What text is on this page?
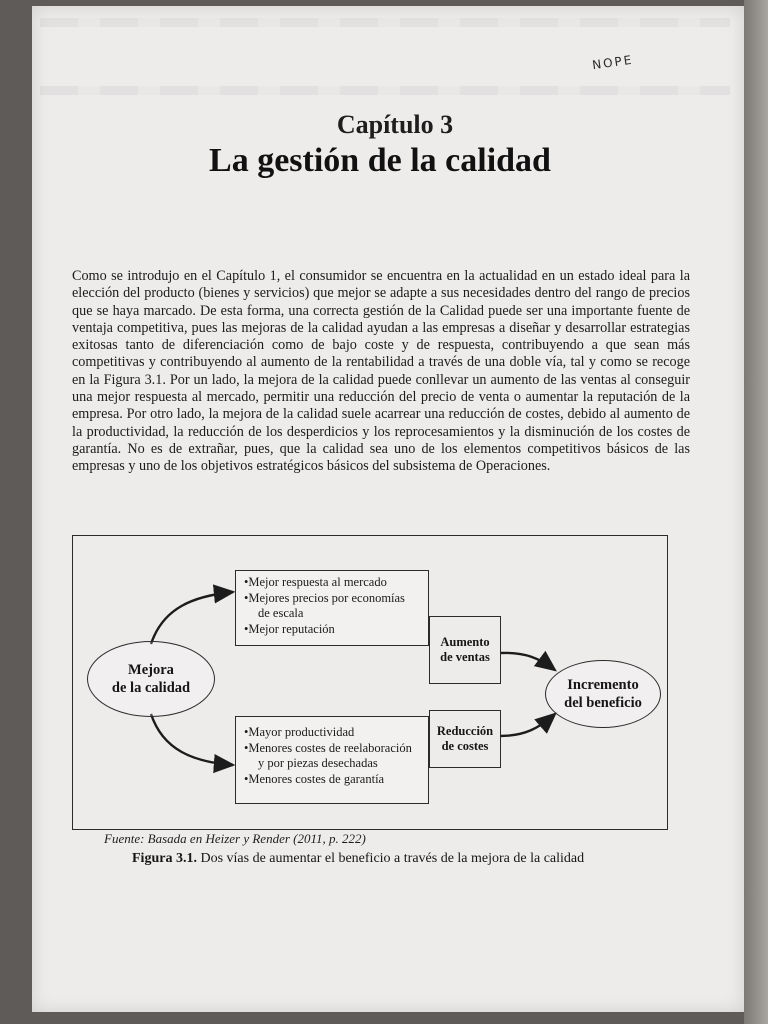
NOPE
Capítulo 3
La gestión de la calidad
Como se introdujo en el Capítulo 1, el consumidor se encuentra en la actualidad en un estado ideal para la elección del producto (bienes y servicios) que mejor se adapte a sus necesidades dentro del rango de precios que se haya marcado. De esta forma, una correcta gestión de la Calidad puede ser una importante fuente de ventaja competitiva, pues las mejoras de la calidad ayudan a las empresas a diseñar y desarrollar estrategias exitosas tanto de diferenciación como de bajo coste y de respuesta, contribuyendo a que sean más competitivas y contribuyendo al aumento de la rentabilidad a través de una doble vía, tal y como se recoge en la Figura 3.1. Por un lado, la mejora de la calidad puede conllevar un aumento de las ventas al conseguir una mejor respuesta al mercado, permitir una reducción del precio de venta o aumentar la reputación de la empresa. Por otro lado, la mejora de la calidad suele acarrear una reducción de costes, debido al aumento de la productividad, la reducción de los desperdicios y los reprocesamientos y la disminución de los costes de garantía. No es de extrañar, pues, que la calidad sea uno de los elementos competitivos básicos de las empresas y uno de los objetivos estratégicos básicos del subsistema de Operaciones.
Mejora
de la calidad
•Mejor respuesta al mercado
•Mejores precios por economías
de escala
•Mejor reputación
•Mayor productividad
•Menores costes de reelaboración
y por piezas desechadas
•Menores costes de garantía
Aumento
de ventas
Reducción
de costes
Incremento
del beneficio
Fuente: Basada en Heizer y Render (2011, p. 222)
Figura 3.1. Dos vías de aumentar el beneficio a través de la mejora de la calidad
